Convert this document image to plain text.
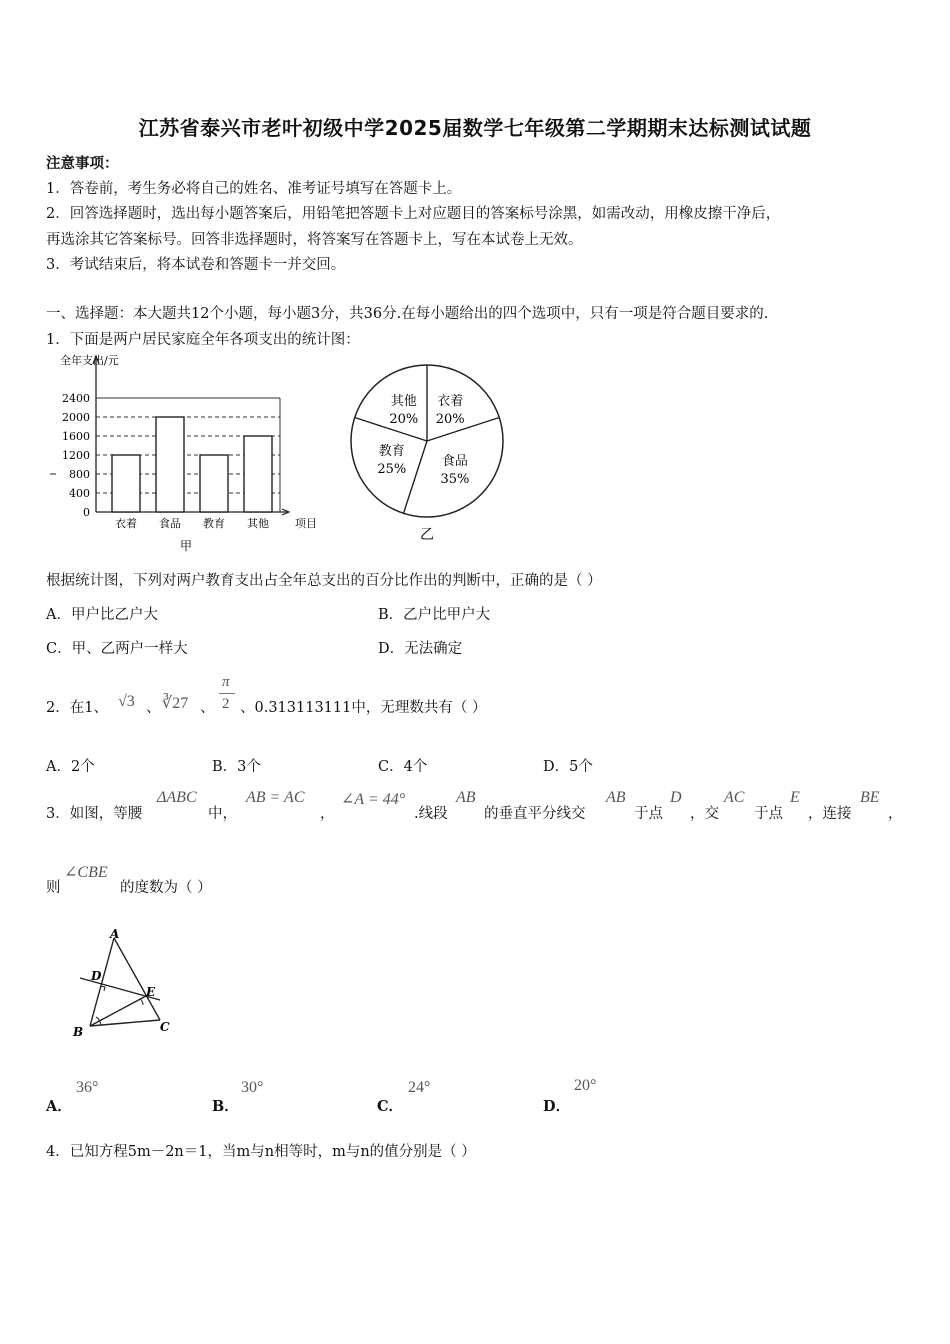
江苏省泰兴市老叶初级中学2025届数学七年级第二学期期末达标测试试题
注意事项：
1．答卷前，考生务必将自己的姓名、准考证号填写在答题卡上。
2．回答选择题时，选出每小题答案后，用铅笔把答题卡上对应题目的答案标号涂黑，如需改动，用橡皮擦干净后，
再选涂其它答案标号。回答非选择题时，将答案写在答题卡上，写在本试卷上无效。
3．考试结束后，将本试卷和答题卡一并交回。
一、选择题：本大题共12个小题，每小题3分，共36分.在每小题给出的四个选项中，只有一项是符合题目要求的.
1．下面是两户居民家庭全年各项支出的统计图：
全年支出/元
0
400
800
1200
1600
2000
2400
衣着 食品 教育 其他 项目
甲
衣着
20%
食品
35%
教育
25%
其他
20%
乙
根据统计图，下列对两户教育支出占全年总支出的百分比作出的判断中，正确的是（ ）
A．甲户比乙户大	B．乙户比甲户大
C．甲、乙两户一样大	D．无法确定
2．在1、 √3 、 ∛27 、
π
2 、0.313113111中，无理数共有（ ）
A．2个	B．3个	C．4个	D．5个
3．如图，等腰
ΔABC
中，
AB = AC
，
∠A = 44°
.线段
AB
的垂直平分线交
AB
于点
D
，交
AC
于点
E
，连接
BE
，
则
∠CBE
的度数为（ ）
A
B	C
D
E
A．
36°
B．
30°
C．
24°
D．
20°
4．已知方程5m－2n＝1，当m与n相等时，m与n的值分别是（ ）
